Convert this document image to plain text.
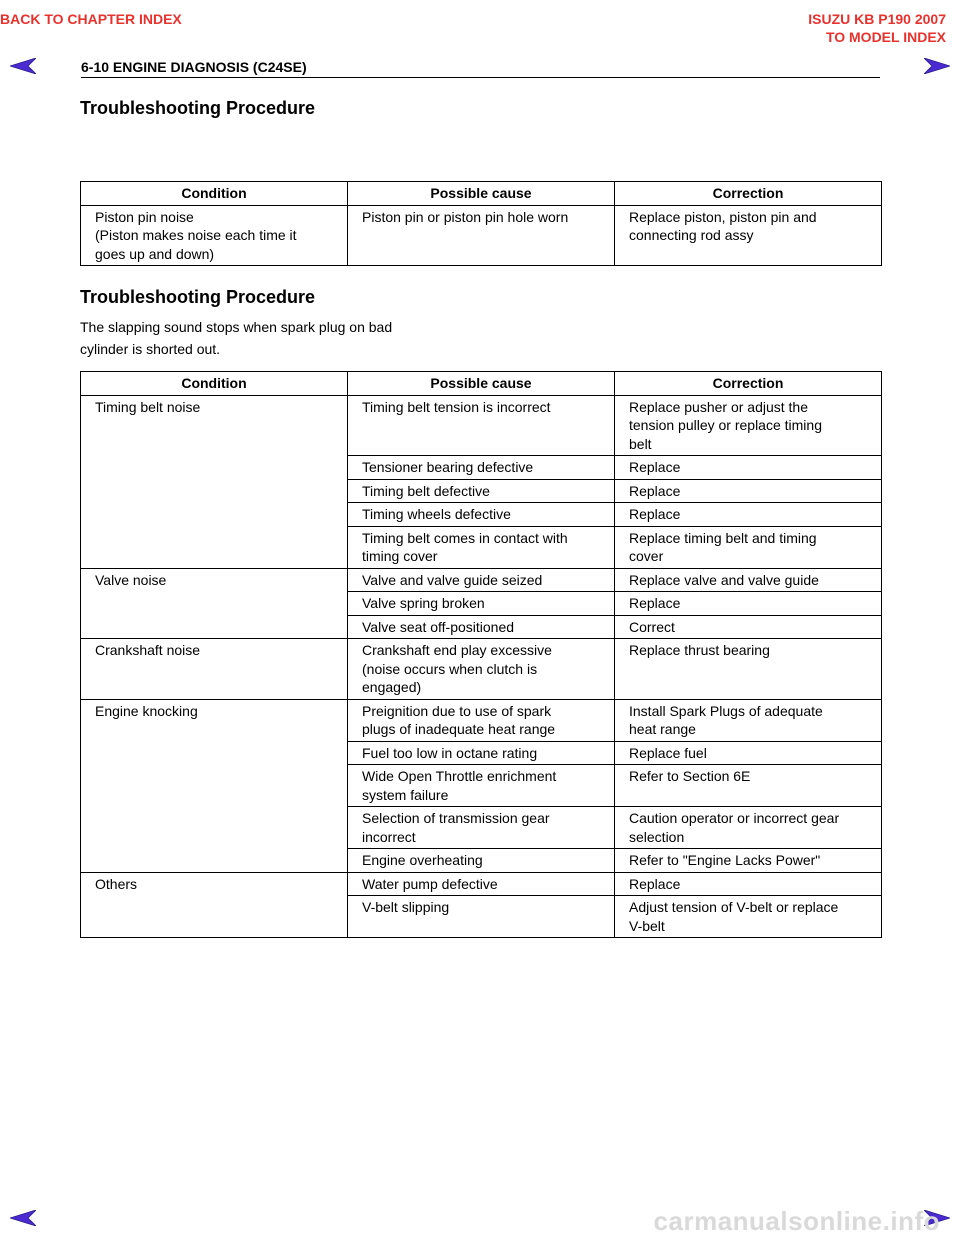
BACK TO CHAPTER INDEX	ISUZU KB P190 2007
TO MODEL INDEX
6-10 ENGINE DIAGNOSIS (C24SE)
Troubleshooting Procedure
Condition	Possible cause	Correction
Piston pin noise
(Piston makes noise each time it
goes up and down)	Piston pin or piston pin hole worn	Replace piston, piston pin and
connecting rod assy
Troubleshooting Procedure
The slapping sound stops when spark plug on bad
cylinder is shorted out.
Condition	Possible cause	Correction
Timing belt noise	Timing belt tension is incorrect	Replace pusher or adjust the
tension pulley or replace timing
belt
	Tensioner bearing defective	Replace
	Timing belt defective	Replace
	Timing wheels defective	Replace
	Timing belt comes in contact with
timing cover	Replace timing belt and timing
cover
Valve noise	Valve and valve guide seized	Replace valve and valve guide
	Valve spring broken	Replace
	Valve seat off-positioned	Correct
Crankshaft noise	Crankshaft end play excessive
(noise occurs when clutch is
engaged)	Replace thrust bearing
Engine knocking	Preignition due to use of spark
plugs of inadequate heat range	Install Spark Plugs of adequate
heat range
	Fuel too low in octane rating	Replace fuel
	Wide Open Throttle enrichment
system failure	Refer to Section 6E
	Selection of transmission gear
incorrect	Caution operator or incorrect gear
selection
	Engine overheating	Refer to "Engine Lacks Power"
Others	Water pump defective	Replace
	V-belt slipping	Adjust tension of V-belt or replace
V-belt
carmanualsonline.info
